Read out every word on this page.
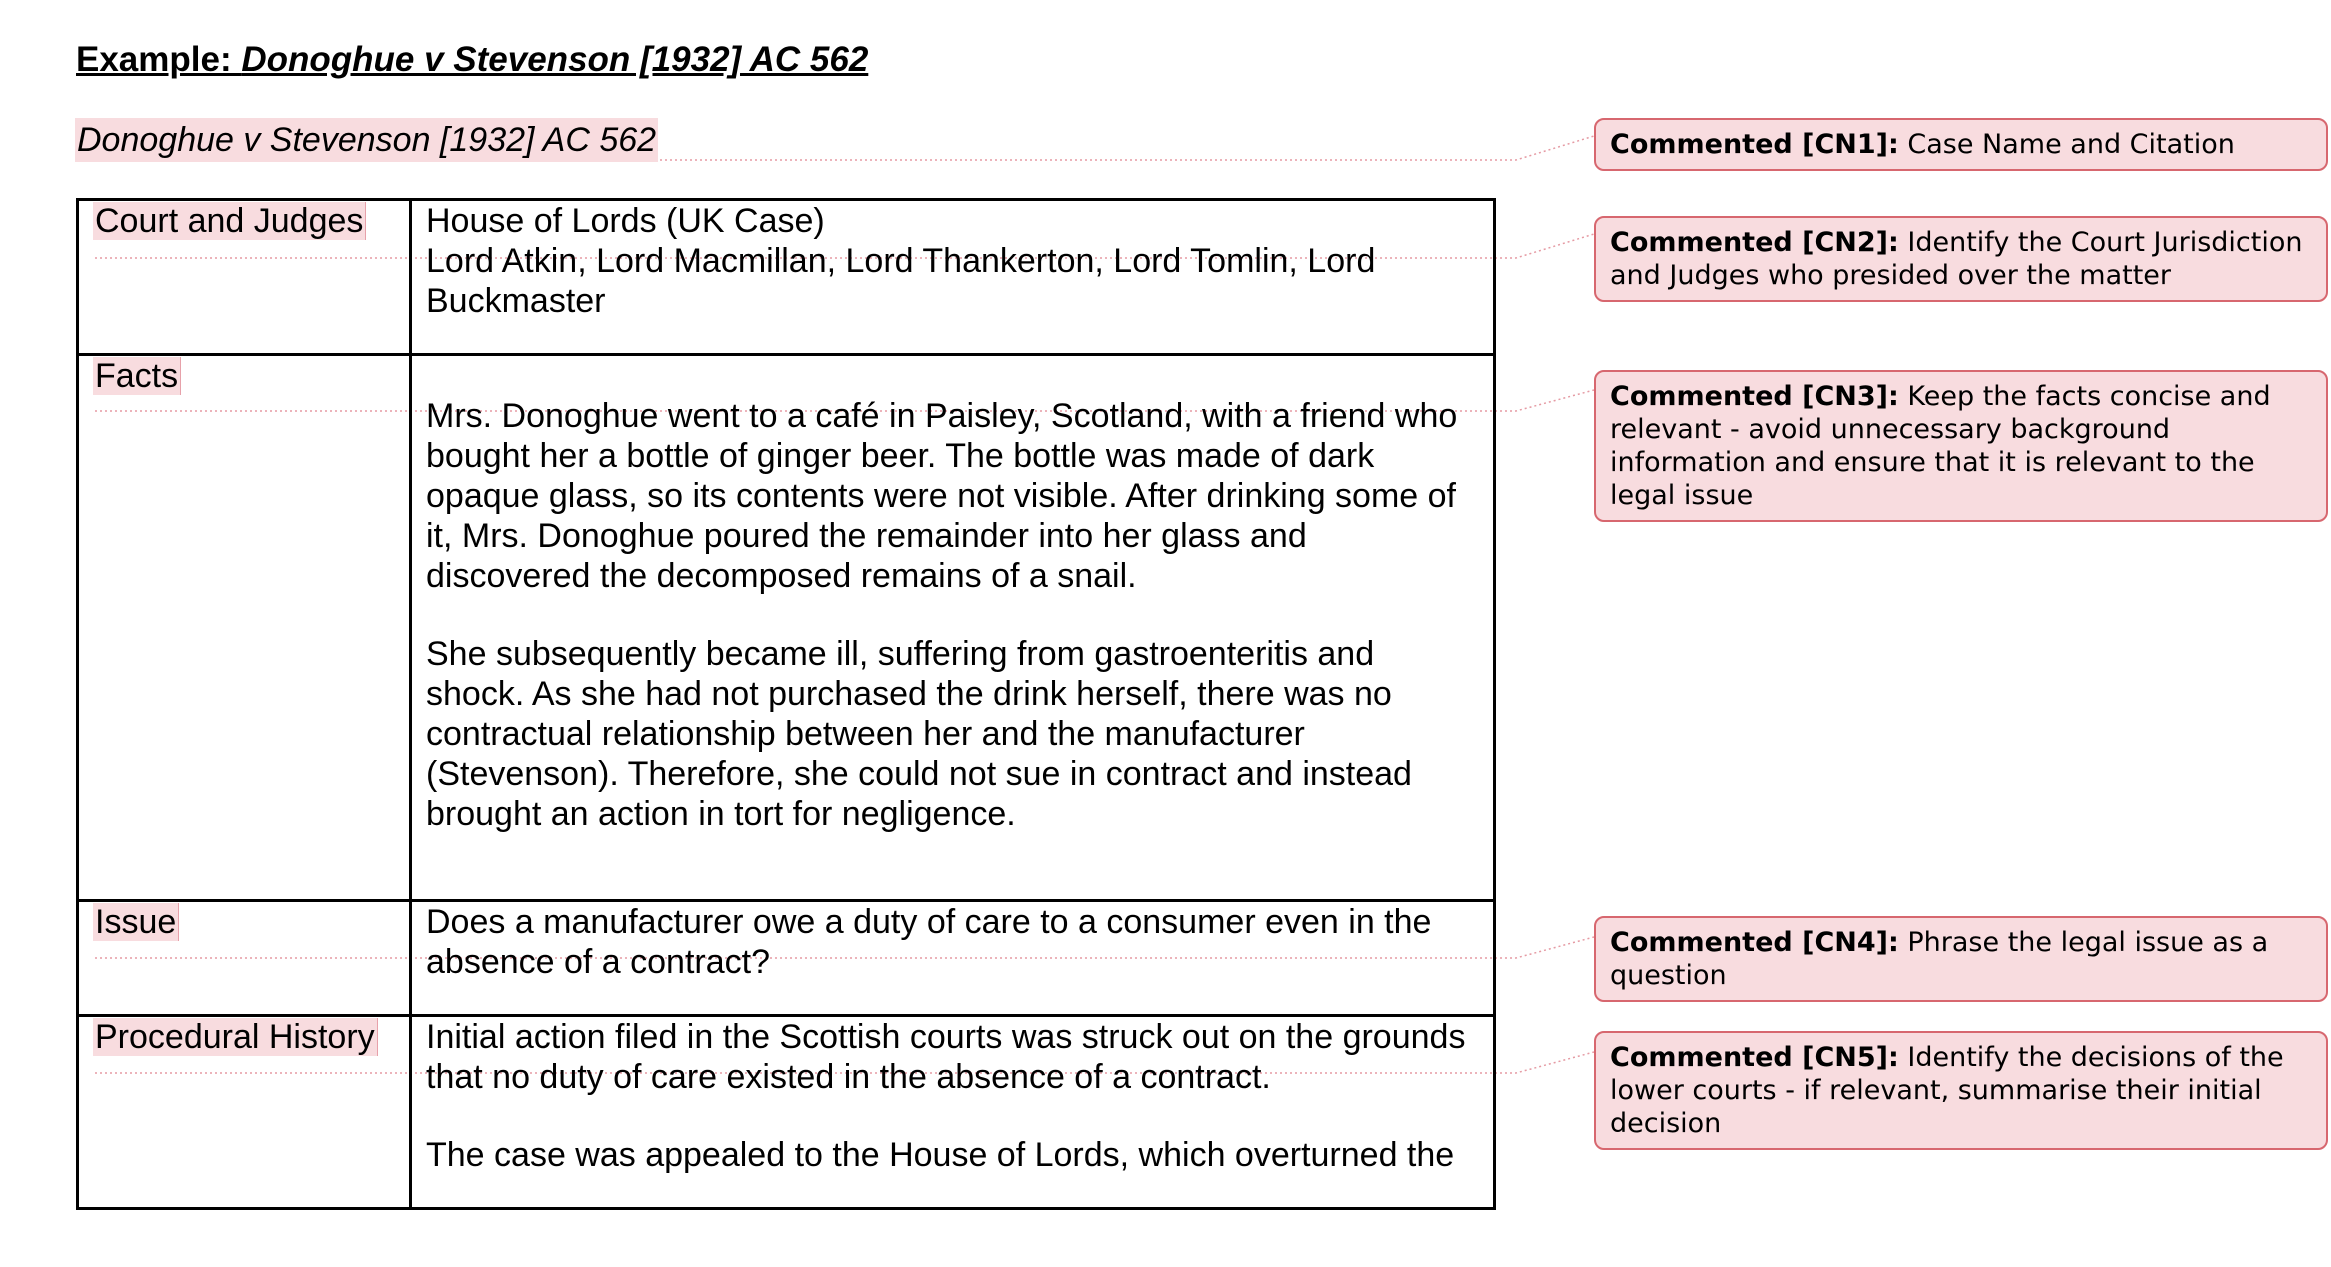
Example: Donoghue v Stevenson [1932] AC 562
Donoghue v Stevenson [1932] AC 562
Court and Judges	House of Lords (UK Case)

Lord Atkin, Lord Macmillan, Lord Thankerton, Lord Tomlin, Lord Buckmaster

Facts	Mrs. Donoghue went to a café in Paisley, Scotland, with a friend who bought her a bottle of ginger beer. The bottle was made of dark opaque glass, so its contents were not visible. After drinking some of it, Mrs. Donoghue poured the remainder into her glass and discovered the decomposed remains of a snail.

She subsequently became ill, suffering from gastroenteritis and shock. As she had not purchased the drink herself, there was no contractual relationship between her and the manufacturer (Stevenson). Therefore, she could not sue in contract and instead brought an action in tort for negligence.

Issue	Does a manufacturer owe a duty of care to a consumer even in the absence of a contract?

Procedural History	Initial action filed in the Scottish courts was struck out on the grounds that no duty of care existed in the absence of a contract.

The case was appealed to the House of Lords, which overturned the

Commented [CN1]: Case Name and Citation
Commented [CN2]: Identify the Court Jurisdiction and Judges who presided over the matter
Commented [CN3]: Keep the facts concise and relevant - avoid unnecessary background information and ensure that it is relevant to the legal issue
Commented [CN4]: Phrase the legal issue as a question
Commented [CN5]: Identify the decisions of the lower courts - if relevant, summarise their initial decision
